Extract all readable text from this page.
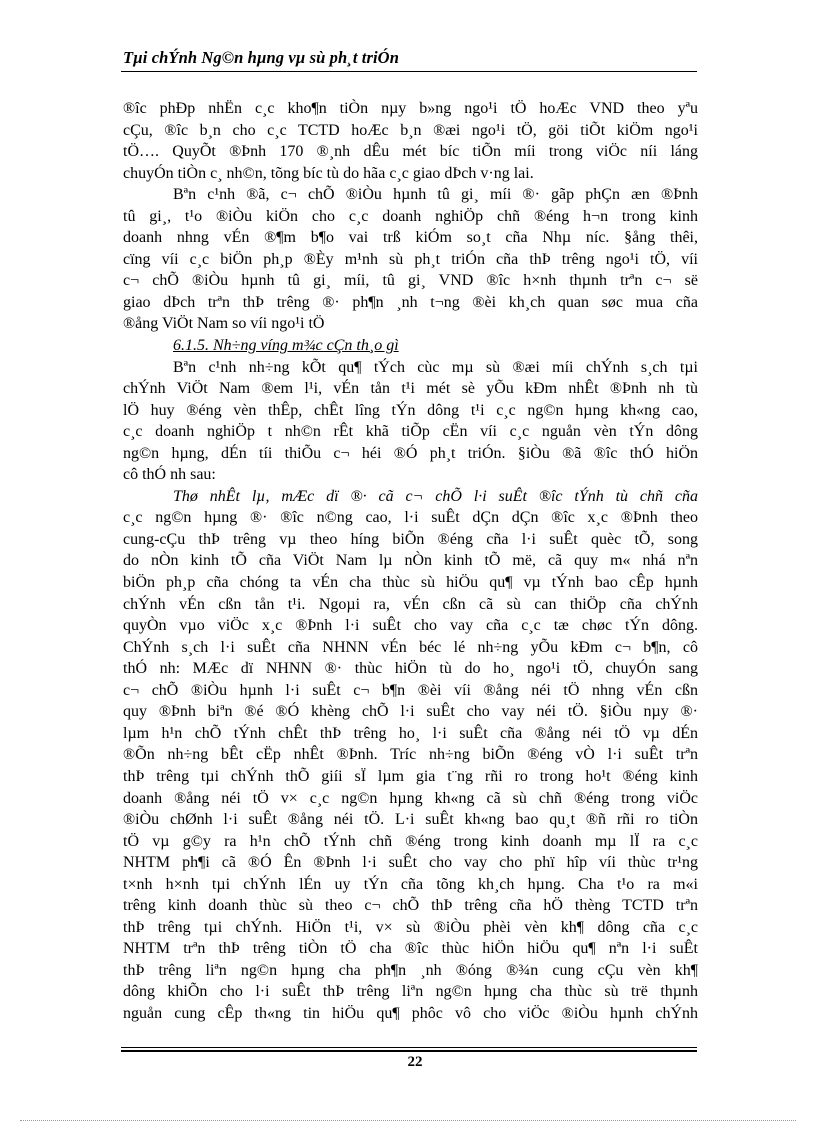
Tµi chÝnh Ng©n hµng vµ sù ph¸t triÓn
®îc phÐp nhËn c¸c kho¶n tiÒn nµy b»ng ngo¹i tÖ hoÆc VND theo yªu
cÇu, ®îc b¸n cho c¸c TCTD hoÆc b¸n ®æi ngo¹i tÖ, göi tiÕt kiÖm ngo¹i
tÖ…. QuyÕt ®Þnh 170 ®¸nh dÊu mét bíc tiÕn míi trong viÖc níi láng
chuyÓn tiÒn c¸ nh©n, tõng bíc tù do hãa c¸c giao dÞch v·ng lai.
Bªn c¹nh ®ã, c¬ chÕ ®iÒu hµnh tû gi¸ míi ®· gãp phÇn æn ®Þnh
tû gi¸, t¹o ®iÒu kiÖn cho c¸c doanh nghiÖp chñ ®éng h¬n trong kinh
doanh nhng vÉn ®¶m b¶o vai trß kiÓm so¸t cña Nhµ níc. §ång thêi,
cïng víi c¸c biÖn ph¸p ®Èy m¹nh sù ph¸t triÓn cña thÞ trêng ngo¹i tÖ, víi
c¬ chÕ ®iÒu hµnh tû gi¸ míi, tû gi¸ VND ®îc h×nh thµnh trªn c¬ së
giao dÞch trªn thÞ trêng ®· ph¶n ¸nh t¬ng ®èi kh¸ch quan søc mua cña
®ång ViÖt Nam so víi ngo¹i tÖ
6.1.5. Nh÷ng víng m¾c cÇn th¸o gì
Bªn c¹nh nh÷ng kÕt qu¶ tÝch cùc mµ sù ®æi míi chÝnh s¸ch tµi
chÝnh ViÖt Nam ®em l¹i, vÉn tån t¹i mét sè yÕu kÐm nhÊt ®Þnh nh tù
lÖ huy ®éng vèn thÊp, chÊt lîng tÝn dông t¹i c¸c ng©n hµng kh«ng cao,
c¸c doanh nghiÖp t nh©n rÊt khã tiÕp cËn víi c¸c nguån vèn tÝn dông
ng©n hµng, dÉn tíi thiÕu c¬ héi ®Ó ph¸t triÓn. §iÒu ®ã ®îc thÓ hiÖn
cô thÓ nh sau:
Thø nhÊt lµ, mÆc dï ®· cã c¬ chÕ l·i suÊt ®îc tÝnh tù chñ cña
c¸c ng©n hµng ®· ®îc n©ng cao, l·i suÊt dÇn dÇn ®îc x¸c ®Þnh theo
cung-cÇu thÞ trêng vµ theo híng biÕn ®éng cña l·i suÊt quèc tÕ, song
do nÒn kinh tÕ cña ViÖt Nam lµ nÒn kinh tÕ më, cã quy m« nhá nªn
biÖn ph¸p cña chóng ta vÉn cha thùc sù hiÖu qu¶ vµ tÝnh bao cÊp hµnh
chÝnh vÉn cßn tån t¹i. Ngoµi ra, vÉn cßn cã sù can thiÖp cña chÝnh
quyÒn vµo viÖc x¸c ®Þnh l·i suÊt cho vay cña c¸c tæ chøc tÝn dông.
ChÝnh s¸ch l·i suÊt cña NHNN vÉn béc lé nh÷ng yÕu kÐm c¬ b¶n, cô
thÓ nh: MÆc dï NHNN ®· thùc hiÖn tù do ho¸ ngo¹i tÖ, chuyÓn sang
c¬ chÕ ®iÒu hµnh l·i suÊt c¬ b¶n ®èi víi ®ång néi tÖ nhng vÉn cßn
quy ®Þnh biªn ®é ®Ó khèng chÕ l·i suÊt cho vay néi tÖ. §iÒu nµy ®·
lµm h¹n chÕ tÝnh chÊt thÞ trêng ho¸ l·i suÊt cña ®ång néi tÖ vµ dÉn
®Õn nh÷ng bÊt cËp nhÊt ®Þnh. Tríc nh÷ng biÕn ®éng vÒ l·i suÊt trªn
thÞ trêng tµi chÝnh thÕ giíi sÏ lµm gia t¨ng rñi ro trong ho¹t ®éng kinh
doanh ®ång néi tÖ v× c¸c ng©n hµng kh«ng cã sù chñ ®éng trong viÖc
®iÒu chØnh l·i suÊt ®ång néi tÖ. L·i suÊt kh«ng bao qu¸t ®ñ rñi ro tiÒn
tÖ vµ g©y ra h¹n chÕ tÝnh chñ ®éng trong kinh doanh mµ lÏ ra c¸c
NHTM ph¶i cã ®Ó Ên ®Þnh l·i suÊt cho vay cho phï hîp víi thùc tr¹ng
t×nh h×nh tµi chÝnh lÉn uy tÝn cña tõng kh¸ch hµng. Cha t¹o ra m«i
trêng kinh doanh thùc sù theo c¬ chÕ thÞ trêng cña hÖ thèng TCTD trªn
thÞ trêng tµi chÝnh. HiÖn t¹i, v× sù ®iÒu phèi vèn kh¶ dông cña c¸c
NHTM trªn thÞ trêng tiÒn tÖ cha ®îc thùc hiÖn hiÖu qu¶ nªn l·i suÊt
thÞ trêng liªn ng©n hµng cha ph¶n ¸nh ®óng ®¾n cung cÇu vèn kh¶
dông khiÕn cho l·i suÊt thÞ trêng liªn ng©n hµng cha thùc sù trë thµnh
nguån cung cÊp th«ng tin hiÖu qu¶ phôc vô cho viÖc ®iÒu hµnh chÝnh
22
